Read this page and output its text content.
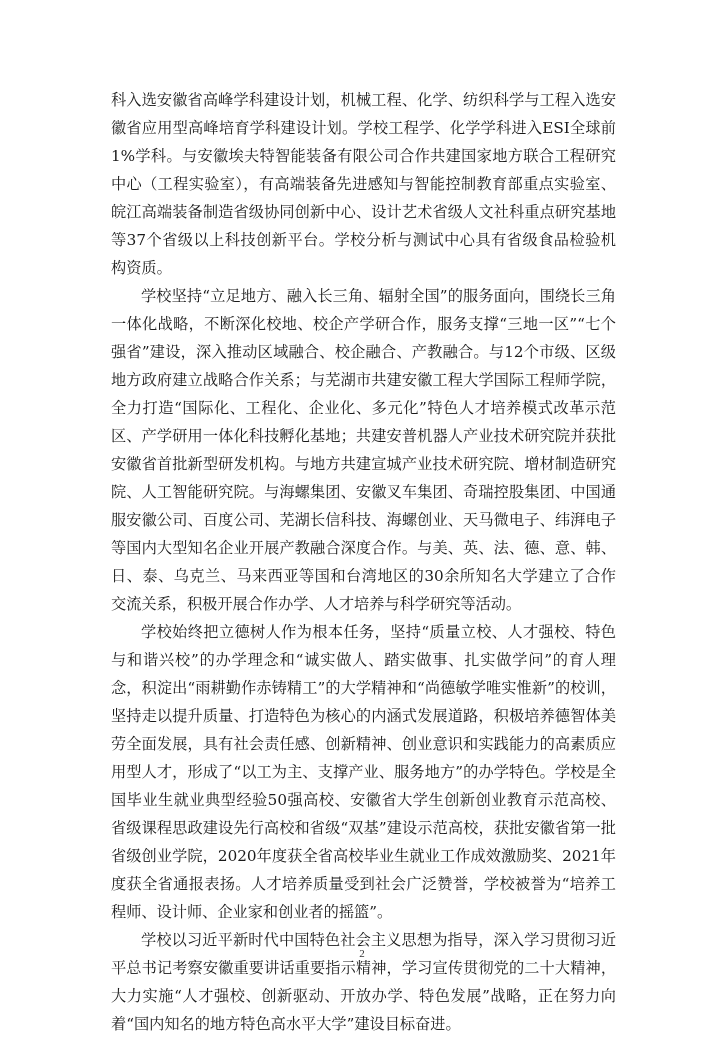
科入选安徽省高峰学科建设计划，机械工程、化学、纺织科学与工程入选安徽省应用型高峰培育学科建设计划。学校工程学、化学学科进入ESI全球前1%学科。与安徽埃夫特智能装备有限公司合作共建国家地方联合工程研究中心（工程实验室），有高端装备先进感知与智能控制教育部重点实验室、皖江高端装备制造省级协同创新中心、设计艺术省级人文社科重点研究基地等37个省级以上科技创新平台。学校分析与测试中心具有省级食品检验机构资质。

学校坚持“立足地方、融入长三角、辐射全国”的服务面向，围绕长三角一体化战略，不断深化校地、校企产学研合作，服务支撑“三地一区”“七个强省”建设，深入推动区域融合、校企融合、产教融合。与12个市级、区级地方政府建立战略合作关系；与芜湖市共建安徽工程大学国际工程师学院，全力打造“国际化、工程化、企业化、多元化”特色人才培养模式改革示范区、产学研用一体化科技孵化基地；共建安普机器人产业技术研究院并获批安徽省首批新型研发机构。与地方共建宣城产业技术研究院、增材制造研究院、人工智能研究院。与海螺集团、安徽叉车集团、奇瑞控股集团、中国通服安徽公司、百度公司、芜湖长信科技、海螺创业、天马微电子、纬湃电子等国内大型知名企业开展产教融合深度合作。与美、英、法、德、意、韩、日、泰、乌克兰、马来西亚等国和台湾地区的30余所知名大学建立了合作交流关系，积极开展合作办学、人才培养与科学研究等活动。

学校始终把立德树人作为根本任务，坚持“质量立校、人才强校、特色与和谐兴校”的办学理念和“诚实做人、踏实做事、扎实做学问”的育人理念，积淀出“雨耕勤作赤铸精工”的大学精神和“尚德敏学唯实惟新”的校训，坚持走以提升质量、打造特色为核心的内涵式发展道路，积极培养德智体美劳全面发展，具有社会责任感、创新精神、创业意识和实践能力的高素质应用型人才，形成了“以工为主、支撑产业、服务地方”的办学特色。学校是全国毕业生就业典型经验50强高校、安徽省大学生创新创业教育示范高校、省级课程思政建设先行高校和省级“双基”建设示范高校，获批安徽省第一批省级创业学院，2020年度获全省高校毕业生就业工作成效激励奖、2021年度获全省通报表扬。人才培养质量受到社会广泛赞誉，学校被誉为“培养工程师、设计师、企业家和创业者的摇篮”。

学校以习近平新时代中国特色社会主义思想为指导，深入学习贯彻习近平总书记考察安徽重要讲话重要指示精神，学习宣传贯彻党的二十大精神，大力实施“人才强校、创新驱动、开放办学、特色发展”战略，正在努力向着“国内知名的地方特色高水平大学”建设目标奋进。

2
